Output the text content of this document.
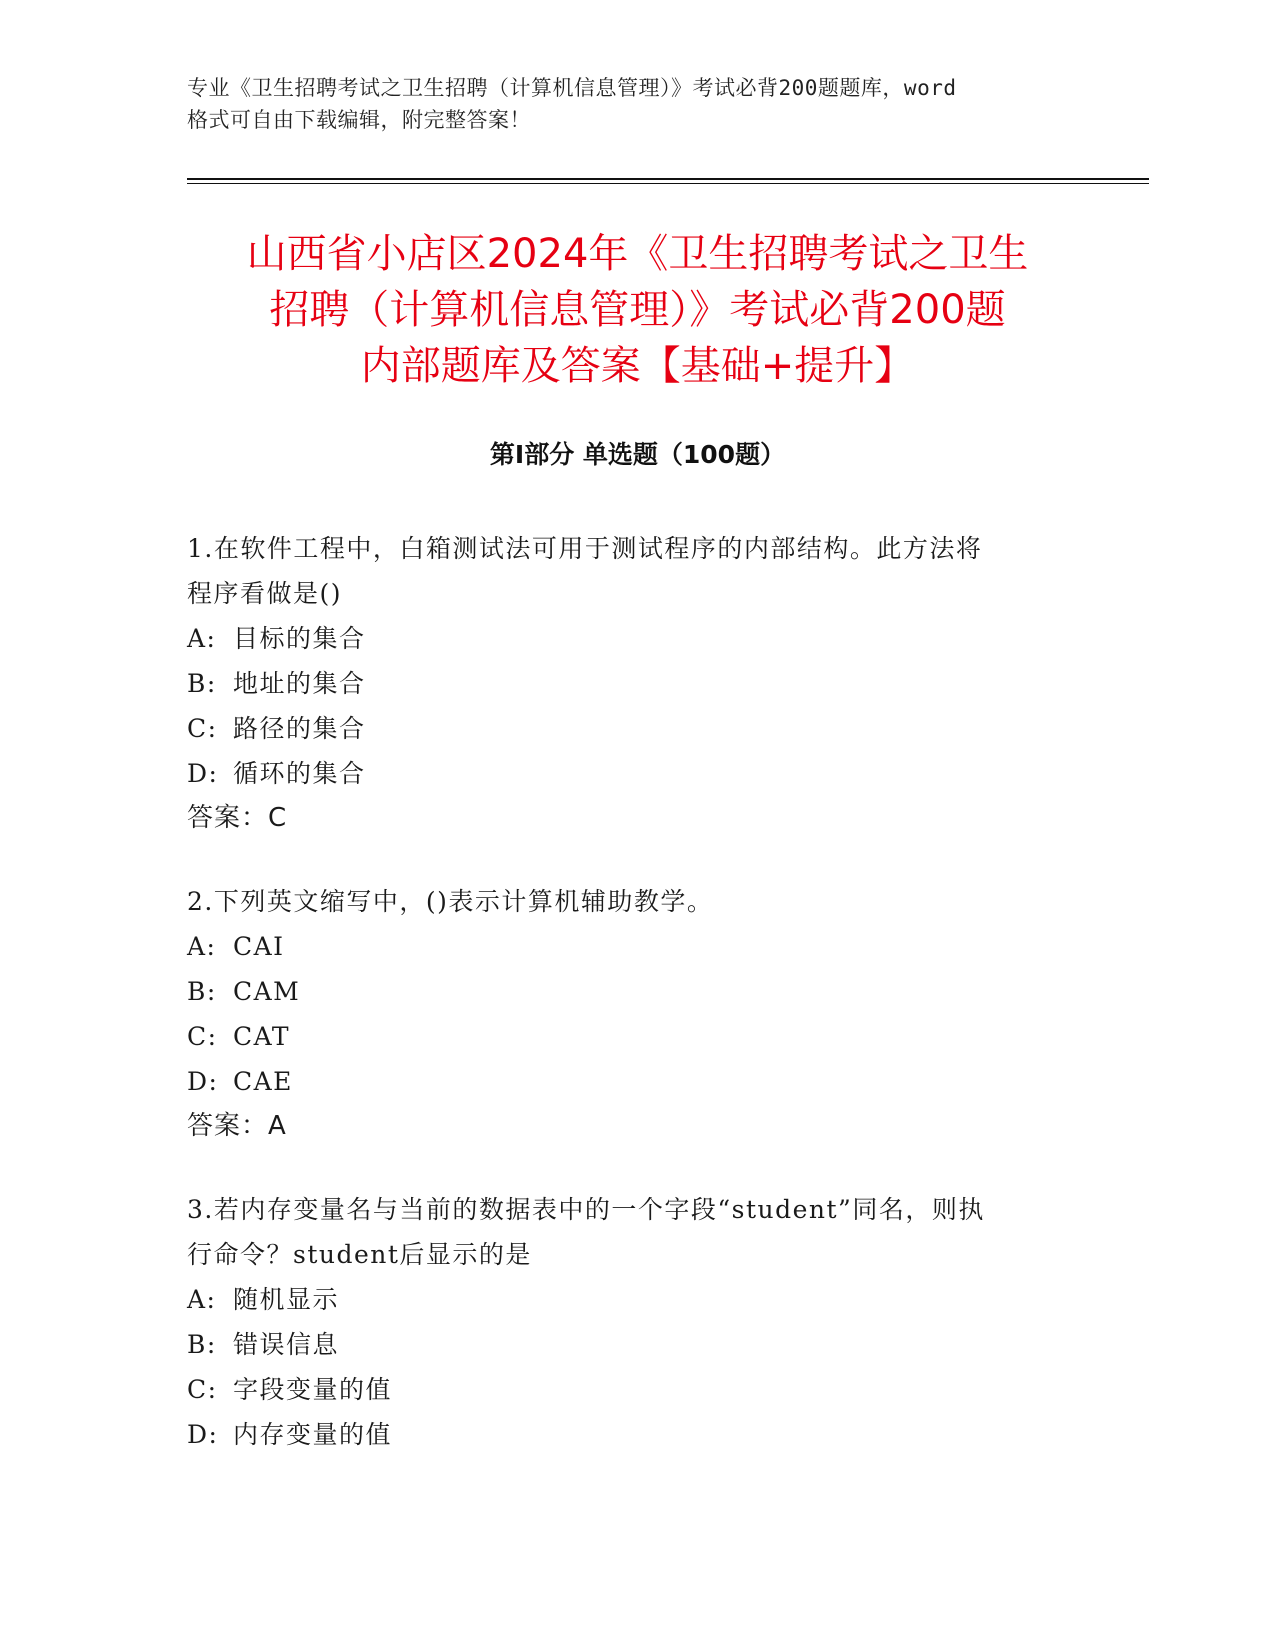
专业《卫生招聘考试之卫生招聘（计算机信息管理）》考试必背200题题库，word
格式可自由下载编辑，附完整答案！
山西省小店区2024年《卫生招聘考试之卫生
招聘（计算机信息管理）》考试必背200题
内部题库及答案【基础+提升】
第Ⅰ部分 单选题（100题）
1.在软件工程中，白箱测试法可用于测试程序的内部结构。此方法将
程序看做是()
A: 目标的集合
B: 地址的集合
C: 路径的集合
D: 循环的集合
答案：C
2.下列英文缩写中，()表示计算机辅助教学。
A: CAI
B: CAM
C: CAT
D: CAE
答案：A
3.若内存变量名与当前的数据表中的一个字段“student”同名，则执
行命令？student后显示的是
A: 随机显示
B: 错误信息
C: 字段变量的值
D: 内存变量的值
